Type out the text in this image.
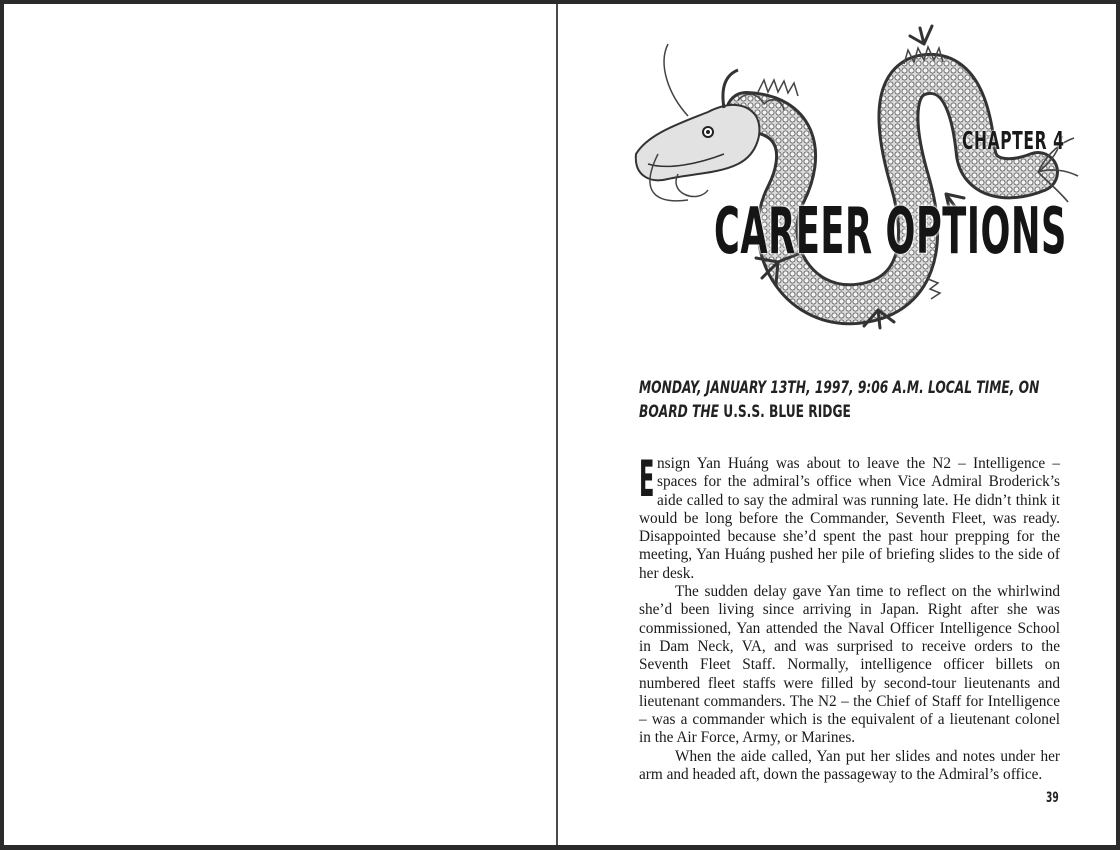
CHAPTER 4
CAREER OPTIONS
MONDAY, JANUARY 13TH, 1997, 9:06 A.M. LOCAL TIME, ON BOARD THE U.S.S. BLUE RIDGE

E nsign Yan Huáng was about to leave the N2 – Intelligence – spaces for the admiral’s office when Vice Admiral Broderick’s aide called to say the admiral was running late. He didn’t think it would be long before the Commander, Seventh Fleet, was ready. Disappointed because she’d spent the past hour prepping for the meeting, Yan Huáng pushed her pile of briefing slides to the side of her desk.

The sudden delay gave Yan time to reflect on the whirlwind she’d been living since arriving in Japan. Right after she was commissioned, Yan attended the Naval Officer Intelligence School in Dam Neck, VA, and was surprised to receive orders to the Seventh Fleet Staff. Normally, intelligence officer billets on numbered fleet staffs were filled by second-tour lieutenants and lieutenant commanders. The N2 – the Chief of Staff for Intelligence – was a commander which is the equivalent of a lieutenant colonel in the Air Force, Army, or Marines.

When the aide called, Yan put her slides and notes under her arm and headed aft, down the passageway to the Admiral’s office.

39
